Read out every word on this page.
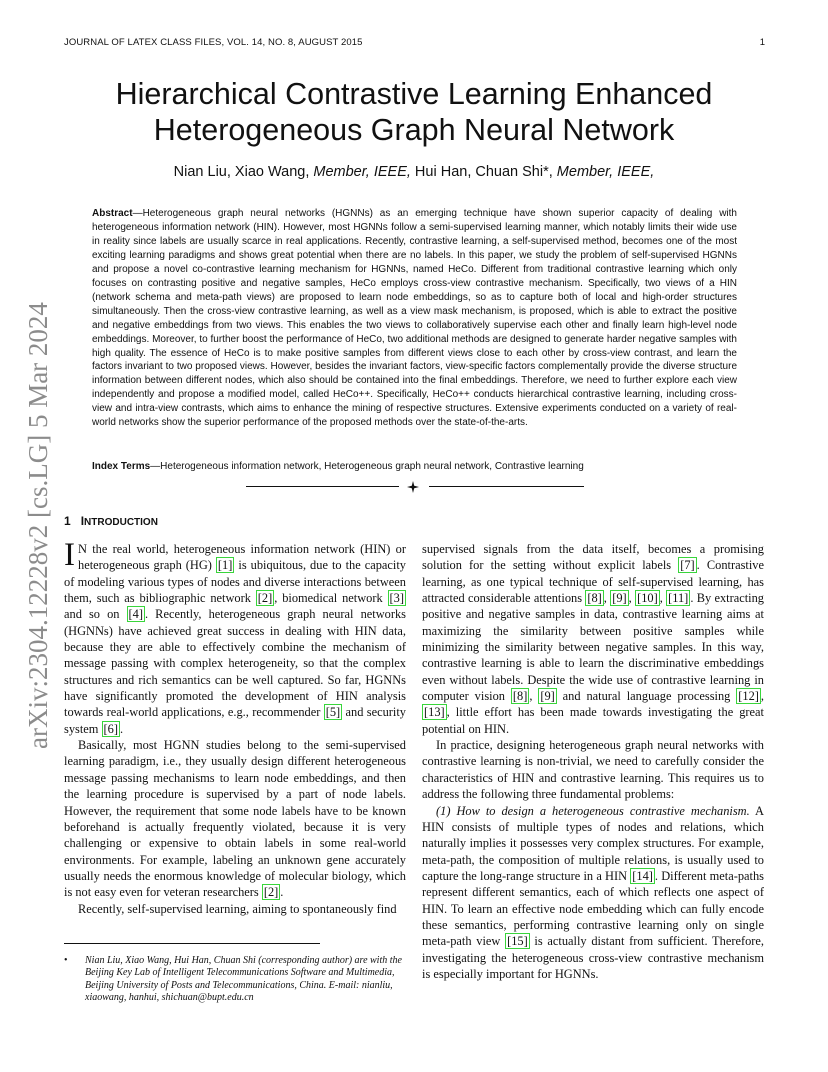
JOURNAL OF LATEX CLASS FILES, VOL. 14, NO. 8, AUGUST 2015	1
Hierarchical Contrastive Learning Enhanced
Heterogeneous Graph Neural Network
Nian Liu, Xiao Wang, Member, IEEE, Hui Han, Chuan Shi*, Member, IEEE,

Abstract—Heterogeneous graph neural networks (HGNNs) as an emerging technique have shown superior capacity of dealing with heterogeneous information network (HIN). However, most HGNNs follow a semi-supervised learning manner, which notably limits their wide use in reality since labels are usually scarce in real applications. Recently, contrastive learning, a self-supervised method, becomes one of the most exciting learning paradigms and shows great potential when there are no labels. In this paper, we study the problem of self-supervised HGNNs and propose a novel co-contrastive learning mechanism for HGNNs, named HeCo. Different from traditional contrastive learning which only focuses on contrasting positive and negative samples, HeCo employs cross-view contrastive mechanism. Specifically, two views of a HIN (network schema and meta-path views) are proposed to learn node embeddings, so as to capture both of local and high-order structures simultaneously. Then the cross-view contrastive learning, as well as a view mask mechanism, is proposed, which is able to extract the positive and negative embeddings from two views. This enables the two views to collaboratively supervise each other and finally learn high-level node embeddings. Moreover, to further boost the performance of HeCo, two additional methods are designed to generate harder negative samples with high quality. The essence of HeCo is to make positive samples from different views close to each other by cross-view contrast, and learn the factors invariant to two proposed views. However, besides the invariant factors, view-specific factors complementally provide the diverse structure information between different nodes, which also should be contained into the final embeddings. Therefore, we need to further explore each view independently and propose a modified model, called HeCo++. Specifically, HeCo++ conducts hierarchical contrastive learning, including cross-view and intra-view contrasts, which aims to enhance the mining of respective structures. Extensive experiments conducted on a variety of real-world networks show the superior performance of the proposed methods over the state-of-the-arts.

Index Terms—Heterogeneous information network, Heterogeneous graph neural network, Contrastive learning

1 INTRODUCTION

I N the real world, heterogeneous information network (HIN) or heterogeneous graph (HG) [1] is ubiquitous, due to the capacity of modeling various types of nodes and diverse interactions between them, such as bibliographic network [2] , biomedical network [3] and so on [4] . Recently, heterogeneous graph neural networks (HGNNs) have achieved great success in dealing with HIN data, because they are able to effectively combine the mechanism of message passing with complex heterogeneity, so that the complex structures and rich semantics can be well captured. So far, HGNNs have significantly promoted the development of HIN analysis towards real-world applications, e.g., recommender [5] and security system [6] .

Basically, most HGNN studies belong to the semi-supervised learning paradigm, i.e., they usually design different heterogeneous message passing mechanisms to learn node embeddings, and then the learning procedure is supervised by a part of node labels. However, the requirement that some node labels have to be known beforehand is actually frequently violated, because it is very challenging or expensive to obtain labels in some real-world environments. For example, labeling an unknown gene accurately usually needs the enormous knowledge of molecular biology, which is not easy even for veteran researchers [2] .

Recently, self-supervised learning, aiming to spontaneously find

supervised signals from the data itself, becomes a promising solution for the setting without explicit labels [7] . Contrastive learning, as one typical technique of self-supervised learning, has attracted considerable attentions [8] , [9] , [10] , [11] . By extracting positive and negative samples in data, contrastive learning aims at maximizing the similarity between positive samples while minimizing the similarity between negative samples. In this way, contrastive learning is able to learn the discriminative embeddings even without labels. Despite the wide use of contrastive learning in computer vision [8] , [9] and natural language processing [12] , [13] , little effort has been made towards investigating the great potential on HIN.

In practice, designing heterogeneous graph neural networks with contrastive learning is non-trivial, we need to carefully consider the characteristics of HIN and contrastive learning. This requires us to address the following three fundamental problems:

(1) How to design a heterogeneous contrastive mechanism. A HIN consists of multiple types of nodes and relations, which naturally implies it possesses very complex structures. For example, meta-path, the composition of multiple relations, is usually used to capture the long-range structure in a HIN [14] . Different meta-paths represent different semantics, each of which reflects one aspect of HIN. To learn an effective node embedding which can fully encode these semantics, performing contrastive learning only on single meta-path view [15] is actually distant from sufficient. Therefore, investigating the heterogeneous cross-view contrastive mechanism is especially important for HGNNs.

• Nian Liu, Xiao Wang, Hui Han, Chuan Shi (corresponding author) are with the Beijing Key Lab of Intelligent Telecommunications Software and Multimedia, Beijing University of Posts and Telecommunications, China. E-mail: nianliu, xiaowang, hanhui, shichuan@bupt.edu.cn
arXiv:2304.12228v2 [cs.LG] 5 Mar 2024
